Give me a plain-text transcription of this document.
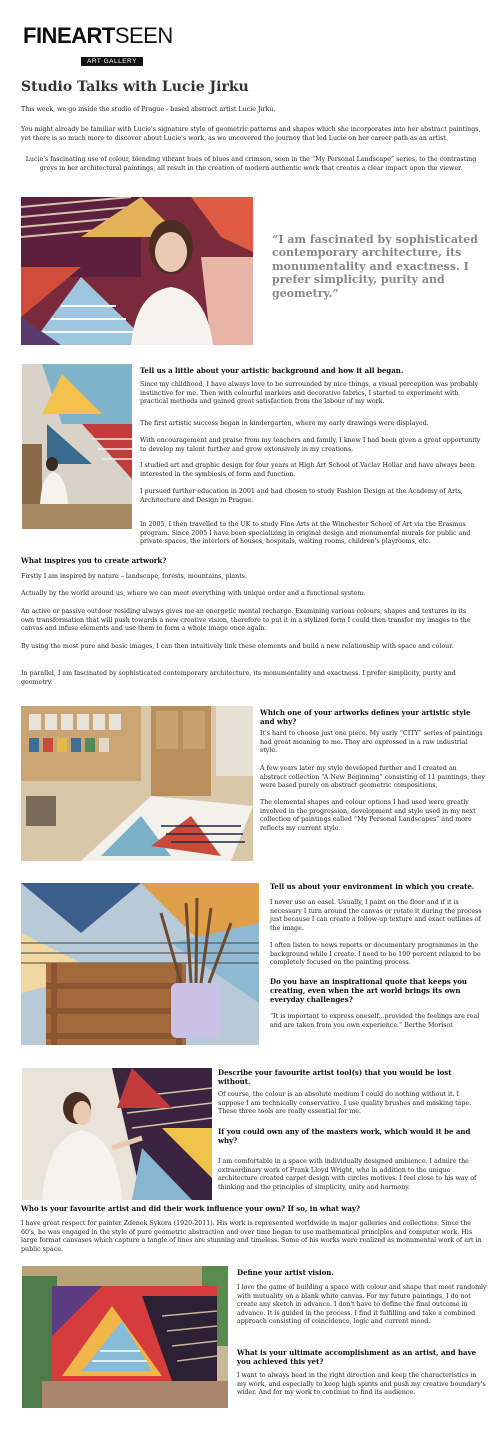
FINEARTSEEN
ART GALLERY
Studio Talks with Lucie Jirku

This week, we go inside the studio of Prague - based abstract artist Lucie Jirku.

You might already be familiar with Lucie's signature style of geometric patterns and shapes which she incorporates into her abstract paintings, yet there is so much more to discover about Lucie's work, as we uncovered the journey that led Lucie on her career path as an artist.

Lucie's fascinating use of colour, blending vibrant hues of blues and crimson, seen in the “My Personal Landscape” series, to the contrasting greys in her architectural paintings, all result in the creation of modern authentic work that creates a clear impact upon the viewer.

“I am fascinated by sophisticated contemporary architecture, its monumentality and exactness. I prefer simplicity, purity and geometry.”

Tell us a little about your artistic background and how it all began.

Since my childhood, I have always love to be surrounded by nice things, a visual perception was probably instinctive for me. Then with colourful markers and decorative fabrics, I started to experiment with practical methods and gained great satisfaction from the labour of my work.

The first artistic success began in kindergarten, where my early drawings were displayed.

With encouragement and praise from my teachers and family, I knew I had been given a great opportunity to develop my talent further and grow extensively in my creations.

I studied art and graphic design for four years at High Art School of Vaclav Hollar and have always been interested in the symbiosis of form and function.

I pursued further education in 2001 and had chosen to study Fashion Design at the Academy of Arts, Architecture and Design in Prague.

In 2005, I then travelled to the UK to study Fine Arts at the Winchester School of Art via the Erasmus program. Since 2005 I have been specializing in original design and monumental murals for public and private spaces, the interiors of houses, hospitals, waiting rooms, children's playrooms, etc.

What inspires you to create artwork?

Firstly I am inspired by nature – landscape, forests, mountains, plants.

Actually by the world around us, where we can meet everything with unique order and a functional system.

An active or passive outdoor residing always gives me an energetic mental recharge. Examining various colours, shapes and textures in its own transformation that will push towards a new creative vision, therefore to put it in a stylized form I could then transfer my images to the canvas and infuse elements and use them to form a whole image once again.

By using the most pure and basic images, I can then intuitively link these elements and build a new relationship with space and colour.

In parallel, I am fascinated by sophisticated contemporary architecture, its monumentality and exactness. I prefer simplicity, purity and geometry.

Which one of your artworks defines your artistic style and why?

It's hard to choose just one piece. My early “CITY” series of paintings had great meaning to me. They are expressed in a raw industrial style.

A few years later my style developed further and I created an abstract collection “A New Beginning” consisting of 11 paintings, they were based purely on abstract geometric compositions,

The elemental shapes and colour options I had used were greatly involved in the progression, development and style used in my next collection of paintings called “My Personal Landscapes” and more reflects my current style.

Tell us about your environment in which you create.

I never use an easel. Usually, I paint on the floor and if it is necessary I turn around the canvas or rotate it during the process just because I can create a follow-up texture and exact outlines of the image.

I often listen to news reports or documentary programmes in the background while I create. I need to be 100 percent relaxed to be completely focused on the painting process.

Do you have an inspirational quote that keeps you creating, even when the art world brings its own everyday challenges?

“It is important to express oneself...provided the feelings are real and are taken from you own experience.” Berthe Morisot

Describe your favourite artist tool(s) that you would be lost without.

Of course, the colour is an absolute medium I could do nothing without it. I suppose I am technically conservative. I use quality brushes and masking tape. These three tools are really essential for me.

If you could own any of the masters work, which would it be and why?

I am comfortable in a space with individually designed ambience. I admire the extraordinary work of Frank Lloyd Wright, who in addition to the unique architecture created carpet design with circles motives. I feel close to his way of thinking and the principles of simplicity, unity and harmony.

Who is your favourite artist and did their work influence your own? If so, in what way?

I have great respect for painter Zdenek Sykora (1920-2011). His work is represented worldwide in major galleries and collections. Since the 60's, he was engaged in the style of pure geometric abstraction and over time began to use mathematical principles and computer work. His large format canvases which capture a tangle of lines are stunning and timeless. Some of his works were realized as monumental work of art in public space.

Define your artist vision.

I love the game of building a space with colour and shape that meet randomly with mutuality on a blank white canvas. For my future paintings, I do not create any sketch in advance. I don't have to define the final outcome in advance. It is guided in the process. I find it fulfilling and take a combined approach consisting of coincidence, logic and current mood.

What is your ultimate accomplishment as an artist, and have you achieved this yet?

I want to always head in the right direction and keep the characteristics in my work, and especially to keep high spirits and push my creative boundary's wider. And for my work to continue to find its audience.
